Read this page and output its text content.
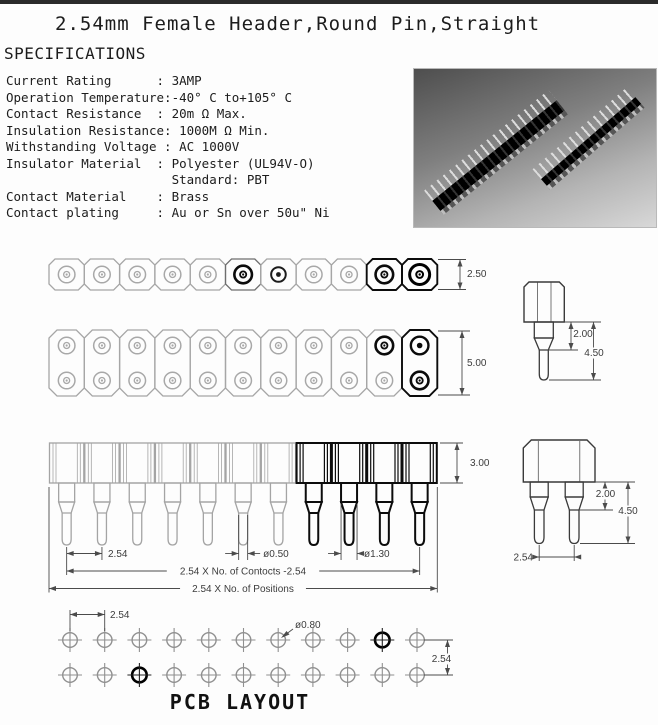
2.54mm Female Header,Round Pin,Straight
SPECIFICATIONS
Current Rating      : 3AMP
Operation Temperature:-40° C to+105° C
Contact Resistance  : 20m Ω Max.
Insulation Resistance: 1000M Ω Min.
Withstanding Voltage : AC 1000V
Insulator Material  : Polyester (UL94V-O)
Standard: PBT
Contact Material    : Brass
Contact plating     : Au or Sn over 50u" Ni
2.50
5.00
3.00
2.54	ø0.50	ø1.30
2.54 X No. of Contocts -2.54
2.54 X No. of Positions
2.00
4.50
2.00
4.50
2.54
2.54
ø0.80
2.54
PCB LAYOUT
